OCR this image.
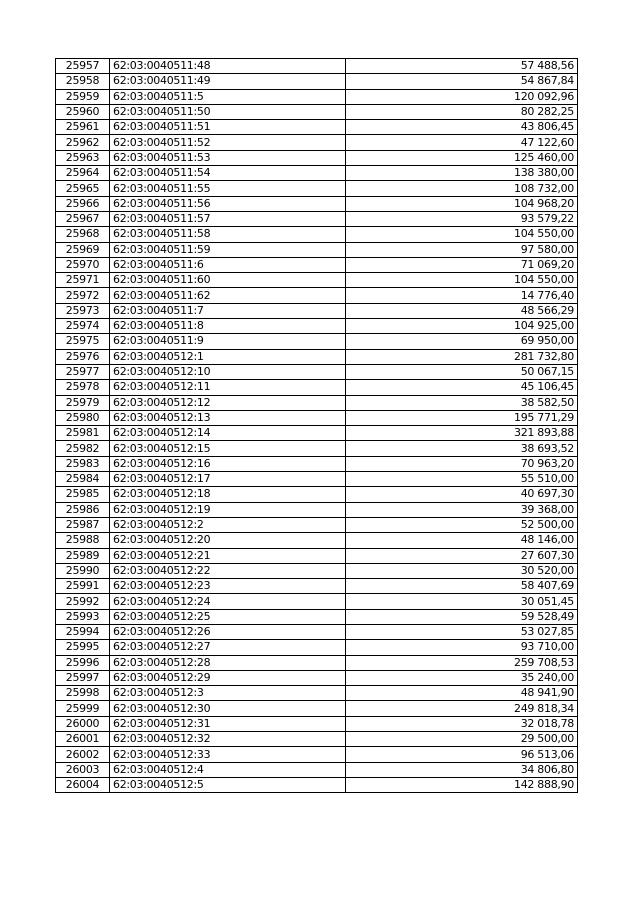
25957	62:03:0040511:48	57 488,56
25958	62:03:0040511:49	54 867,84
25959	62:03:0040511:5	120 092,96
25960	62:03:0040511:50	80 282,25
25961	62:03:0040511:51	43 806,45
25962	62:03:0040511:52	47 122,60
25963	62:03:0040511:53	125 460,00
25964	62:03:0040511:54	138 380,00
25965	62:03:0040511:55	108 732,00
25966	62:03:0040511:56	104 968,20
25967	62:03:0040511:57	93 579,22
25968	62:03:0040511:58	104 550,00
25969	62:03:0040511:59	97 580,00
25970	62:03:0040511:6	71 069,20
25971	62:03:0040511:60	104 550,00
25972	62:03:0040511:62	14 776,40
25973	62:03:0040511:7	48 566,29
25974	62:03:0040511:8	104 925,00
25975	62:03:0040511:9	69 950,00
25976	62:03:0040512:1	281 732,80
25977	62:03:0040512:10	50 067,15
25978	62:03:0040512:11	45 106,45
25979	62:03:0040512:12	38 582,50
25980	62:03:0040512:13	195 771,29
25981	62:03:0040512:14	321 893,88
25982	62:03:0040512:15	38 693,52
25983	62:03:0040512:16	70 963,20
25984	62:03:0040512:17	55 510,00
25985	62:03:0040512:18	40 697,30
25986	62:03:0040512:19	39 368,00
25987	62:03:0040512:2	52 500,00
25988	62:03:0040512:20	48 146,00
25989	62:03:0040512:21	27 607,30
25990	62:03:0040512:22	30 520,00
25991	62:03:0040512:23	58 407,69
25992	62:03:0040512:24	30 051,45
25993	62:03:0040512:25	59 528,49
25994	62:03:0040512:26	53 027,85
25995	62:03:0040512:27	93 710,00
25996	62:03:0040512:28	259 708,53
25997	62:03:0040512:29	35 240,00
25998	62:03:0040512:3	48 941,90
25999	62:03:0040512:30	249 818,34
26000	62:03:0040512:31	32 018,78
26001	62:03:0040512:32	29 500,00
26002	62:03:0040512:33	96 513,06
26003	62:03:0040512:4	34 806,80
26004	62:03:0040512:5	142 888,90
